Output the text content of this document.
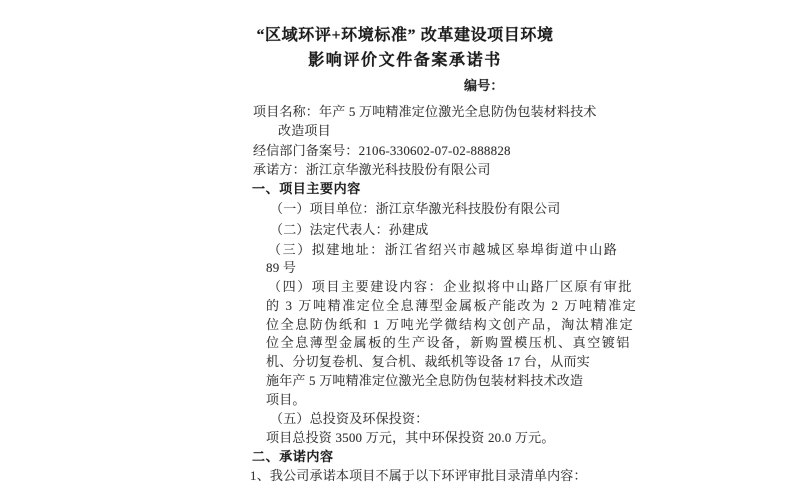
“区域环评+环境标准” 改革建设项目环境
影响评价文件备案承诺书
编号：
项目名称：年产 5 万吨精准定位激光全息防伪包装材料技术
改造项目
经信部门备案号：2106-330602-07-02-888828
承诺方：浙江京华激光科技股份有限公司
一、项目主要内容
（一）项目单位：浙江京华激光科技股份有限公司
（二）法定代表人：孙建成
（三）拟建地址：浙江省绍兴市越城区皋埠街道中山路
89 号
（四）项目主要建设内容：企业拟将中山路厂区原有审批
的 3 万吨精准定位全息薄型金属板产能改为 2 万吨精准定
位全息防伪纸和 1 万吨光学微结构文创产品，淘汰精准定
位全息薄型金属板的生产设备，新购置模压机、真空镀铝
机、分切复卷机、复合机、裁纸机等设备 17 台，从而实
施年产 5 万吨精准定位激光全息防伪包装材料技术改造
项目。
（五）总投资及环保投资：
项目总投资 3500 万元，其中环保投资 20.0 万元。
二、承诺内容
1、我公司承诺本项目不属于以下环评审批目录清单内容：
